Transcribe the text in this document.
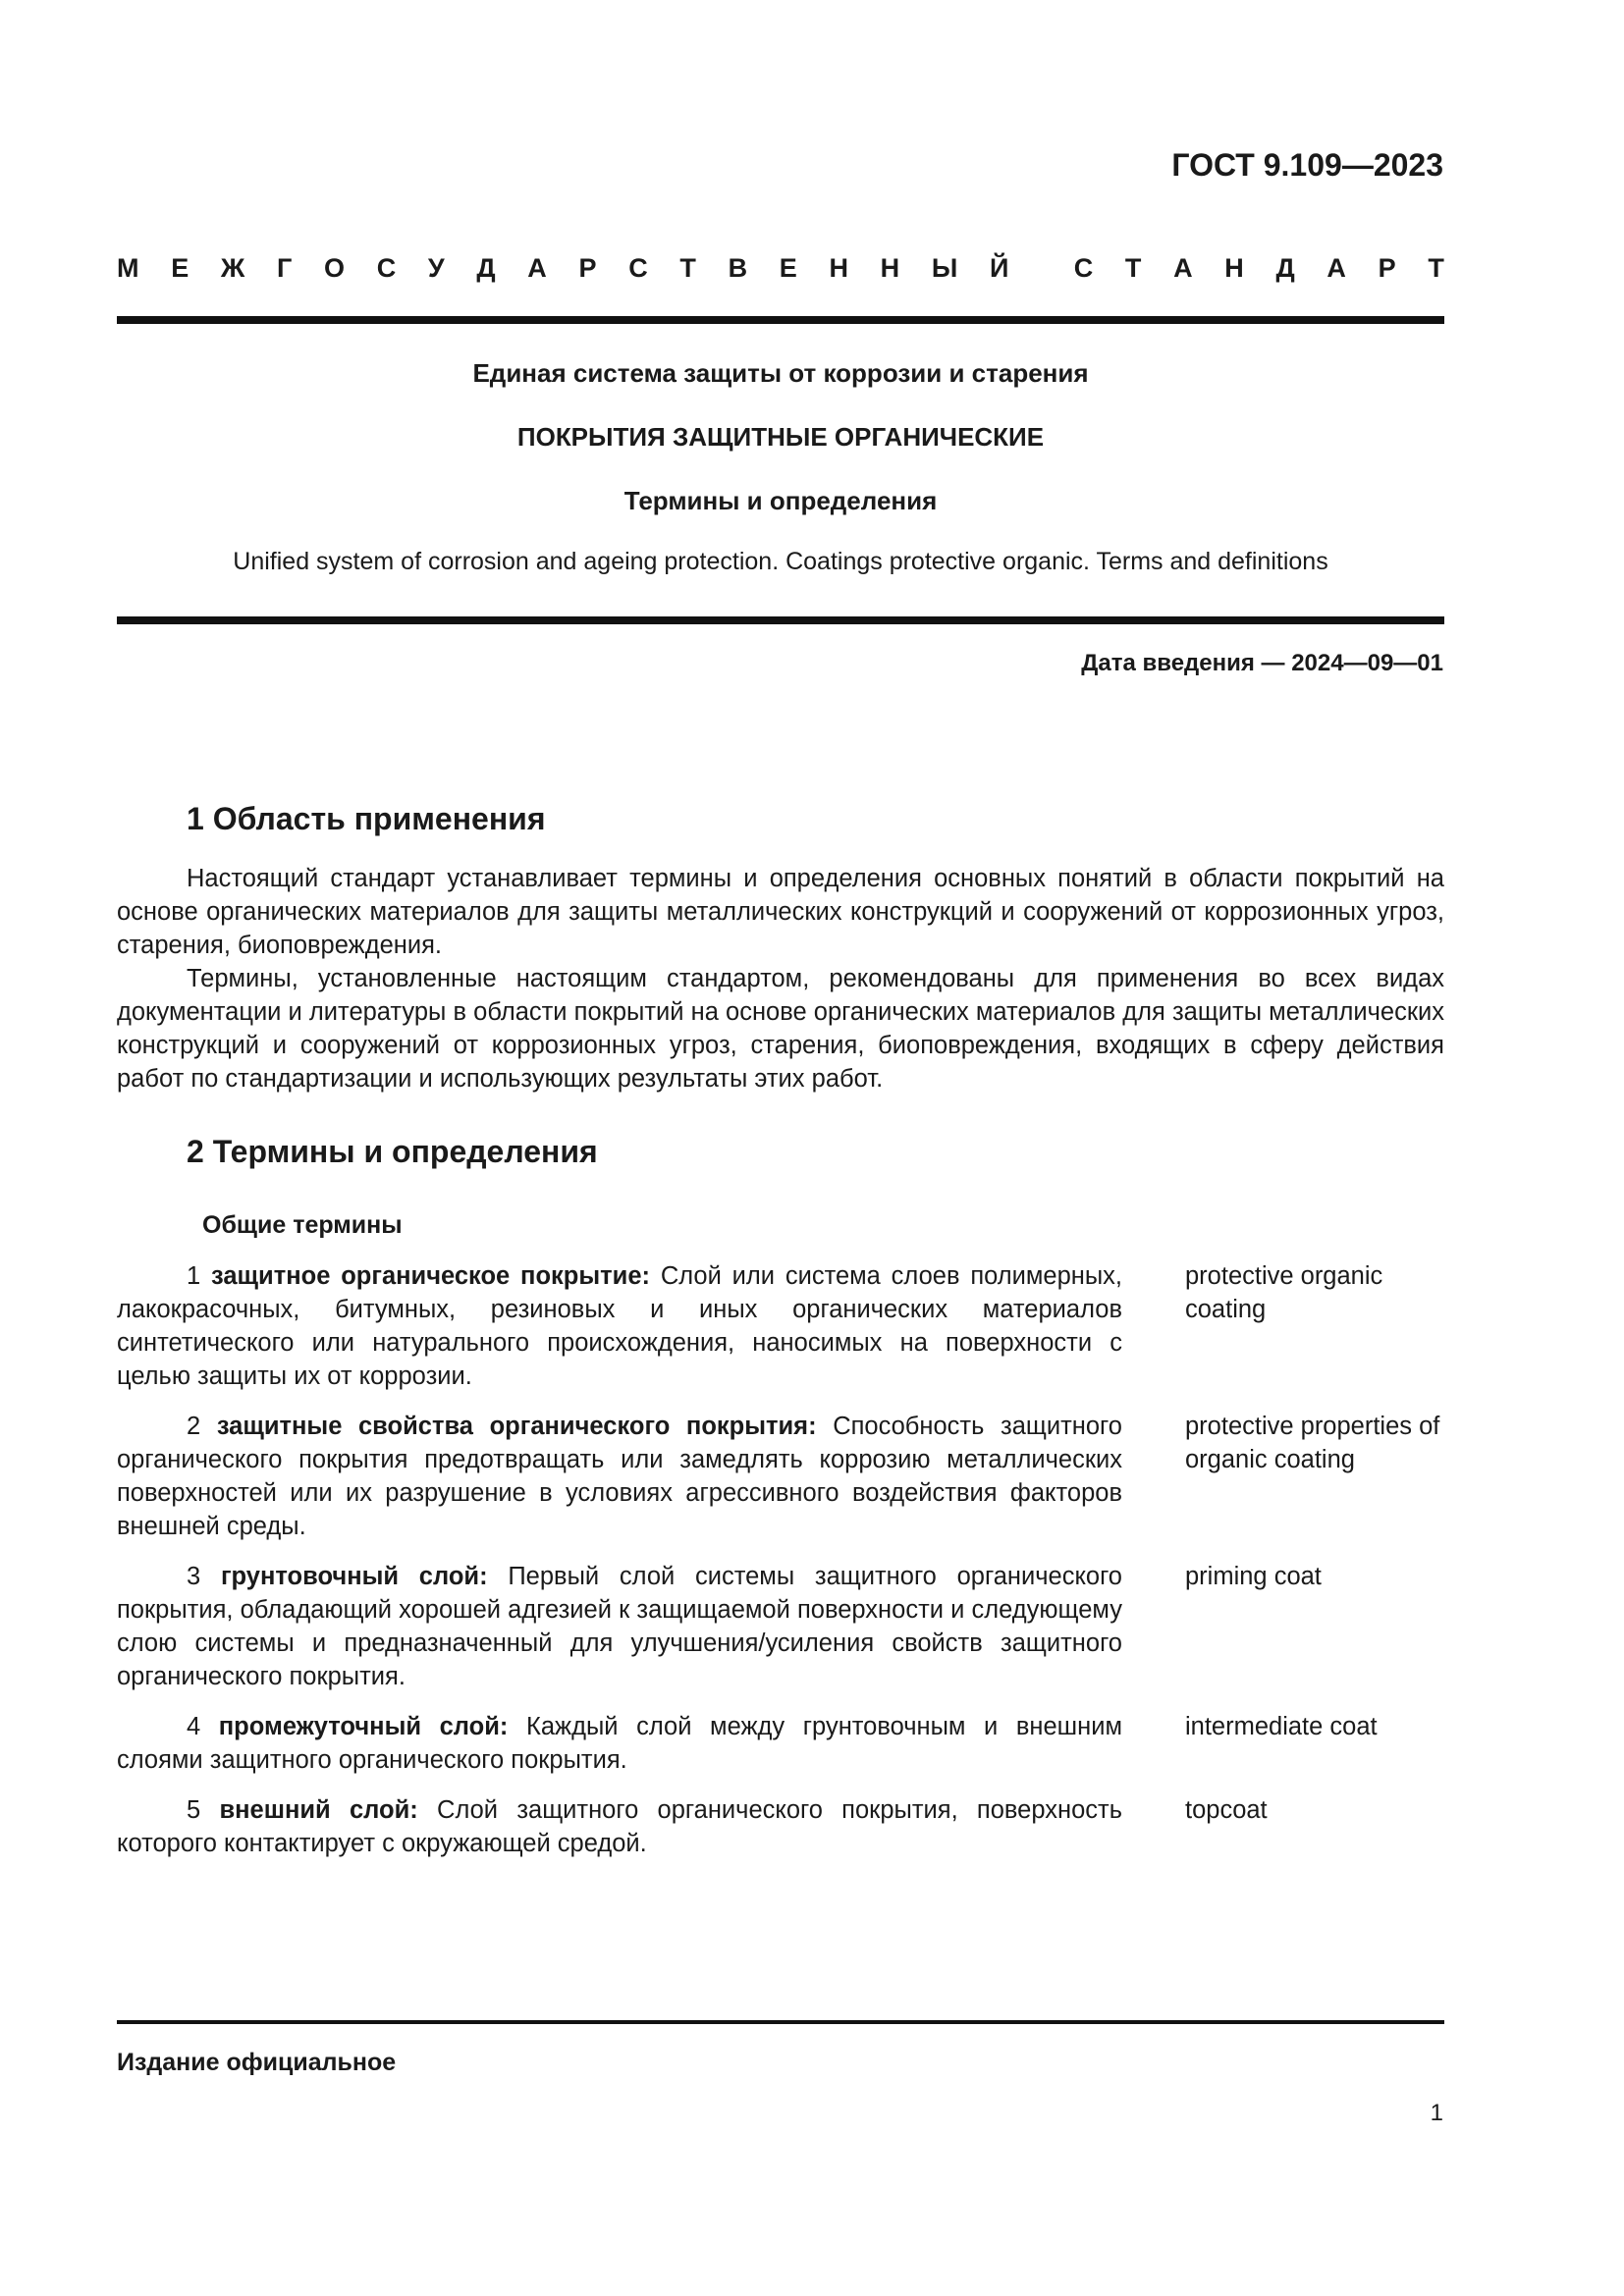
ГОСТ 9.109—2023
М Е Ж Г О С У Д А Р С Т В Е Н Н Ы Й С Т А Н Д А Р Т
Единая система защиты от коррозии и старения
ПОКРЫТИЯ ЗАЩИТНЫЕ ОРГАНИЧЕСКИЕ
Термины и определения
Unified system of corrosion and ageing protection. Coatings protective organic. Terms and definitions
Дата введения — 2024—09—01
1 Область применения

Настоящий стандарт устанавливает термины и определения основных понятий в области покрытий на основе органических материалов для защиты металлических конструкций и сооружений от коррозионных угроз, старения, биоповреждения.

Термины, установленные настоящим стандартом, рекомендованы для применения во всех видах документации и литературы в области покрытий на основе органических материалов для защиты металлических конструкций и сооружений от коррозионных угроз, старения, биоповреждения, входящих в сферу действия работ по стандартизации и использующих результаты этих работ.

2 Термины и определения
Общие термины
1 защитное органическое покрытие: Слой или система слоев полимерных, лакокрасочных, битумных, резиновых и иных органических материалов синтетического или натурального происхождения, наносимых на поверхности с целью защиты их от коррозии.
protective organic coating
2 защитные свойства органического покрытия: Способность защитного органического покрытия предотвращать или замедлять коррозию металлических поверхностей или их разрушение в условиях агрессивного воздействия факторов внешней среды.
protective properties of organic coating
3 грунтовочный слой: Первый слой системы защитного органического покрытия, обладающий хорошей адгезией к защищаемой поверхности и следующему слою системы и предназначенный для улучшения/усиления свойств защитного органического покрытия.
priming coat
4 промежуточный слой: Каждый слой между грунтовочным и внешним слоями защитного органического покрытия.
intermediate coat
5 внешний слой: Слой защитного органического покрытия, поверхность которого контактирует с окружающей средой.
topcoat
Издание официальное
1
